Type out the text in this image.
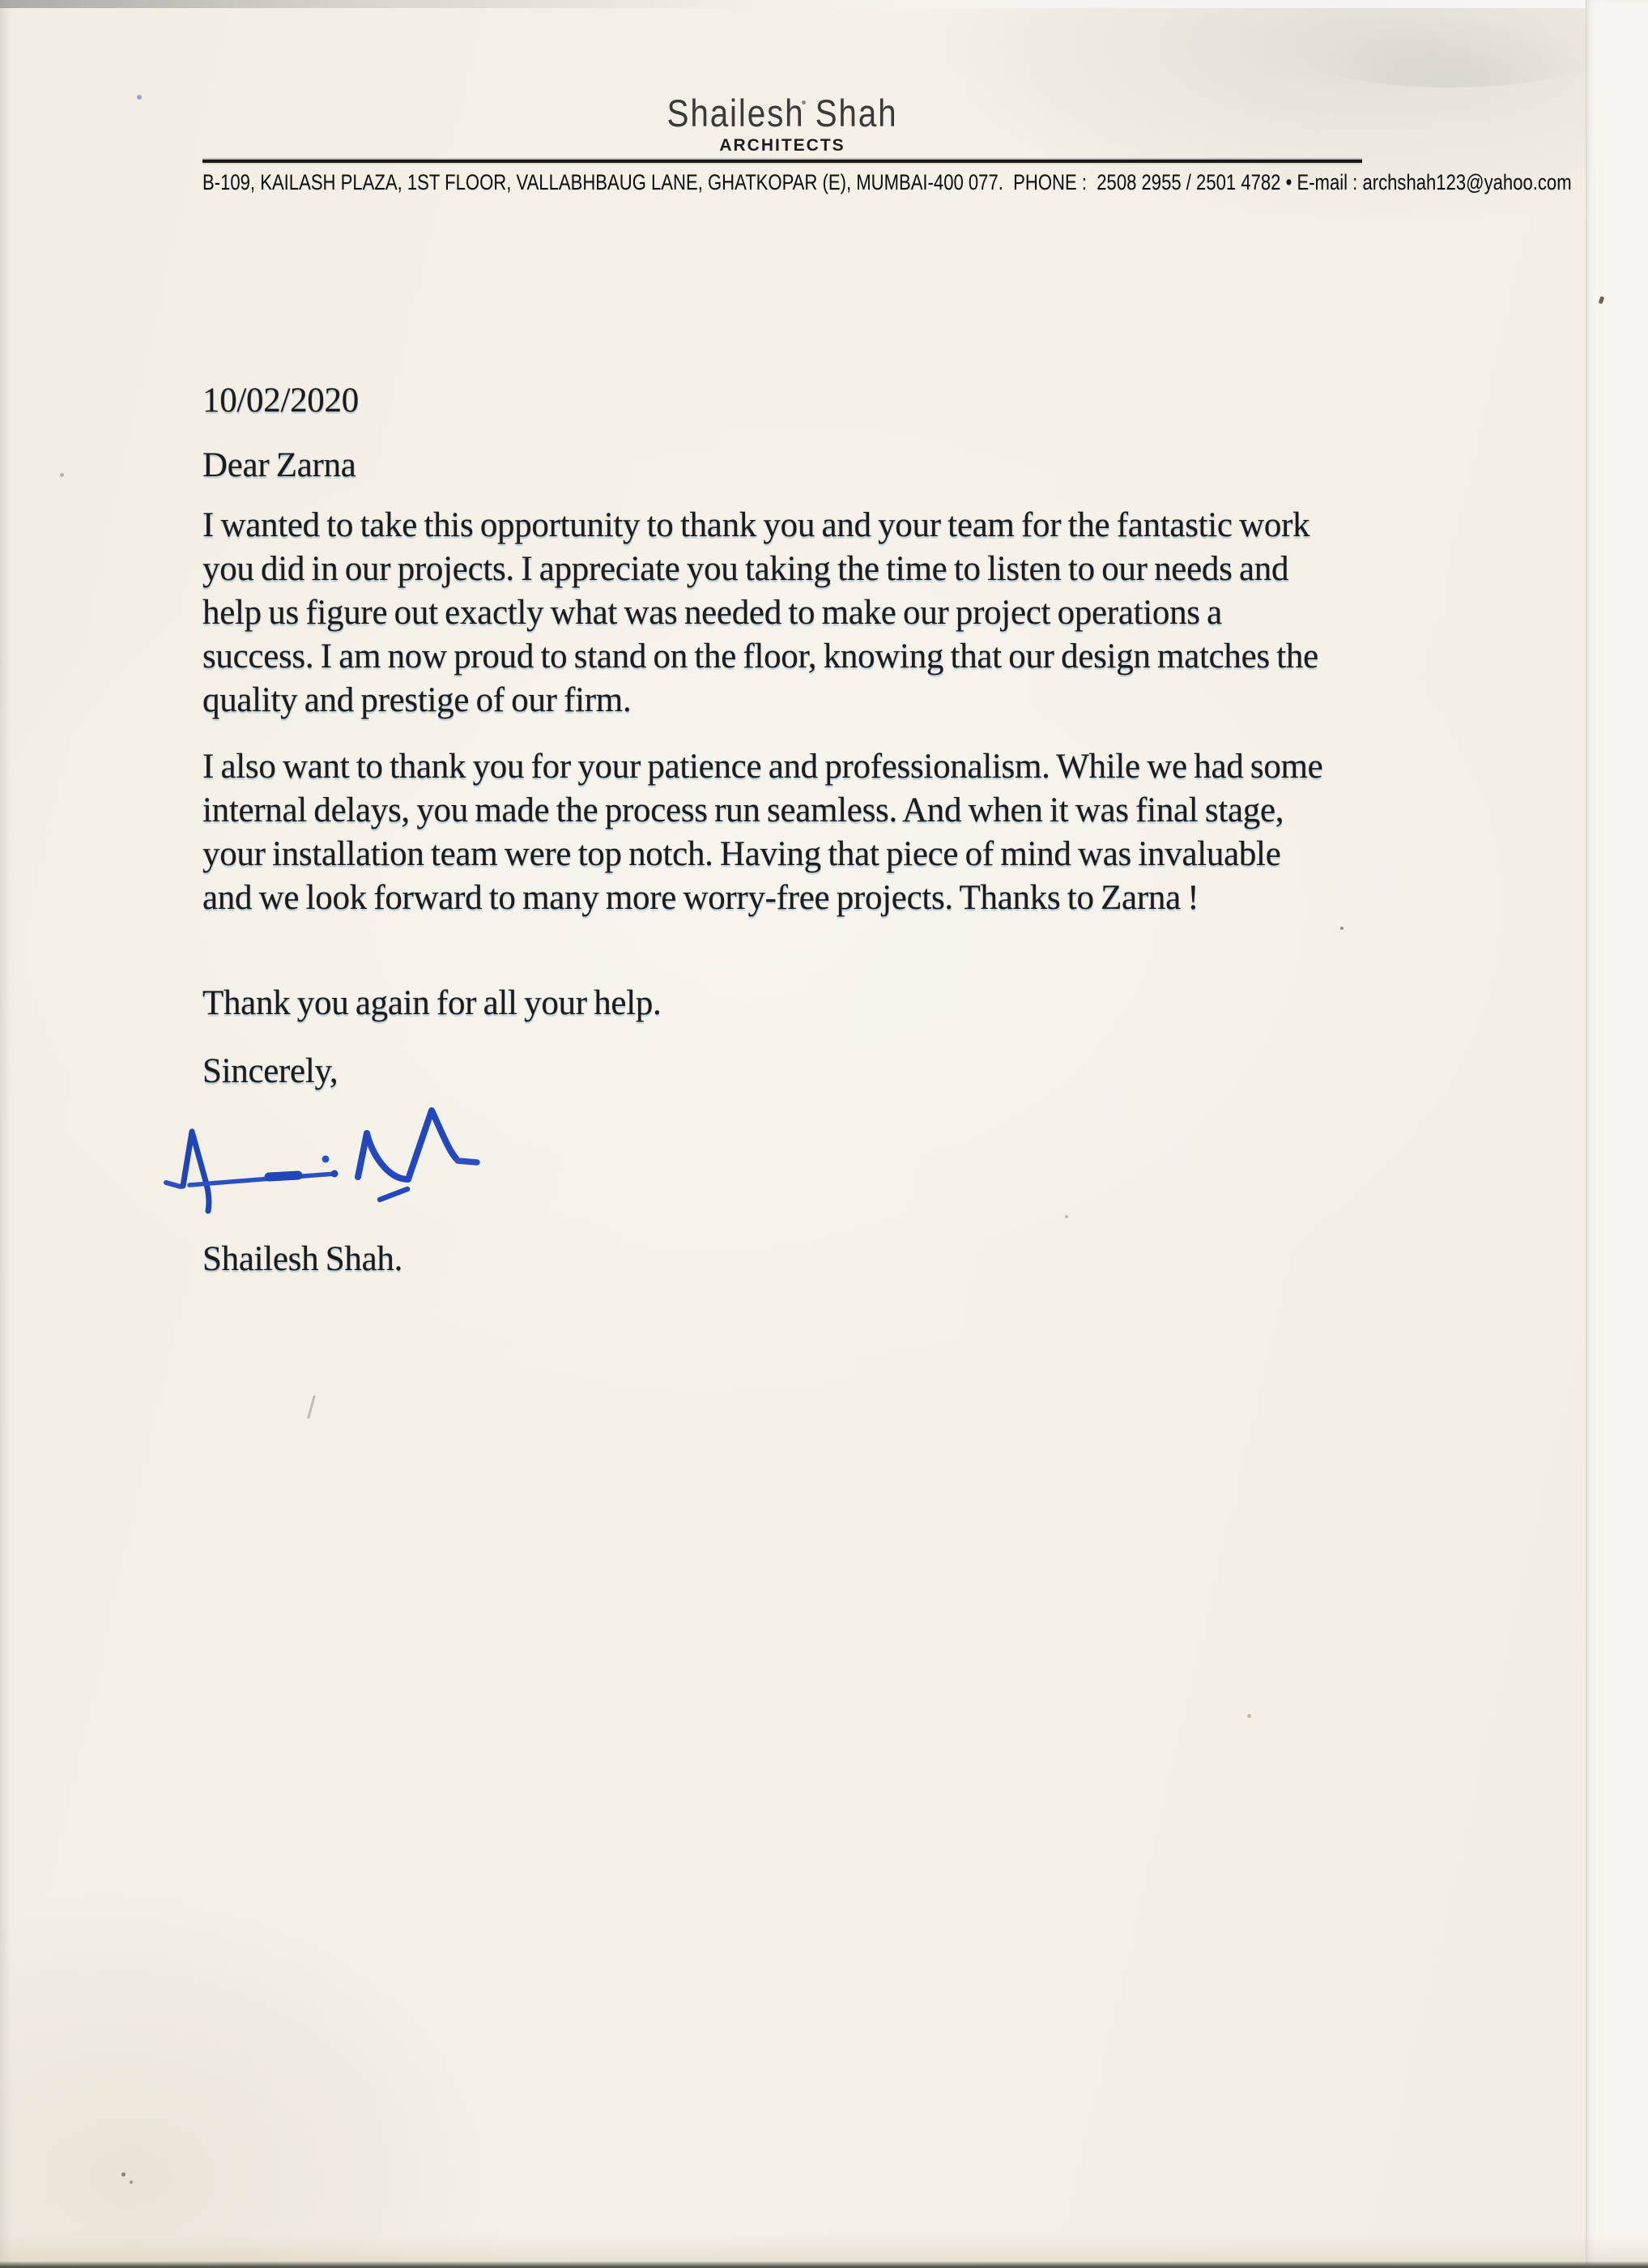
Shailesh Shah
ARCHITECTS
B-109, KAILASH PLAZA, 1ST FLOOR, VALLABHBAUG LANE, GHATKOPAR (E), MUMBAI-400 077.  PHONE :  2508 2955 / 2501 4782 • E-mail : archshah123@yahoo.com
10/02/2020
Dear Zarna
I wanted to take this opportunity to thank you and your team for the fantastic work you did in our projects. I appreciate you taking the time to listen to our needs and help us figure out exactly what was needed to make our project operations a success. I am now proud to stand on the floor, knowing that our design matches the quality and prestige of our firm.
I also want to thank you for your patience and professionalism. While we had some internal delays, you made the process run seamless. And when it was final stage, your installation team were top notch. Having that piece of mind was invaluable and we look forward to many more worry-free projects. Thanks to Zarna !
Thank you again for all your help.
Sincerely,
Shailesh Shah.
